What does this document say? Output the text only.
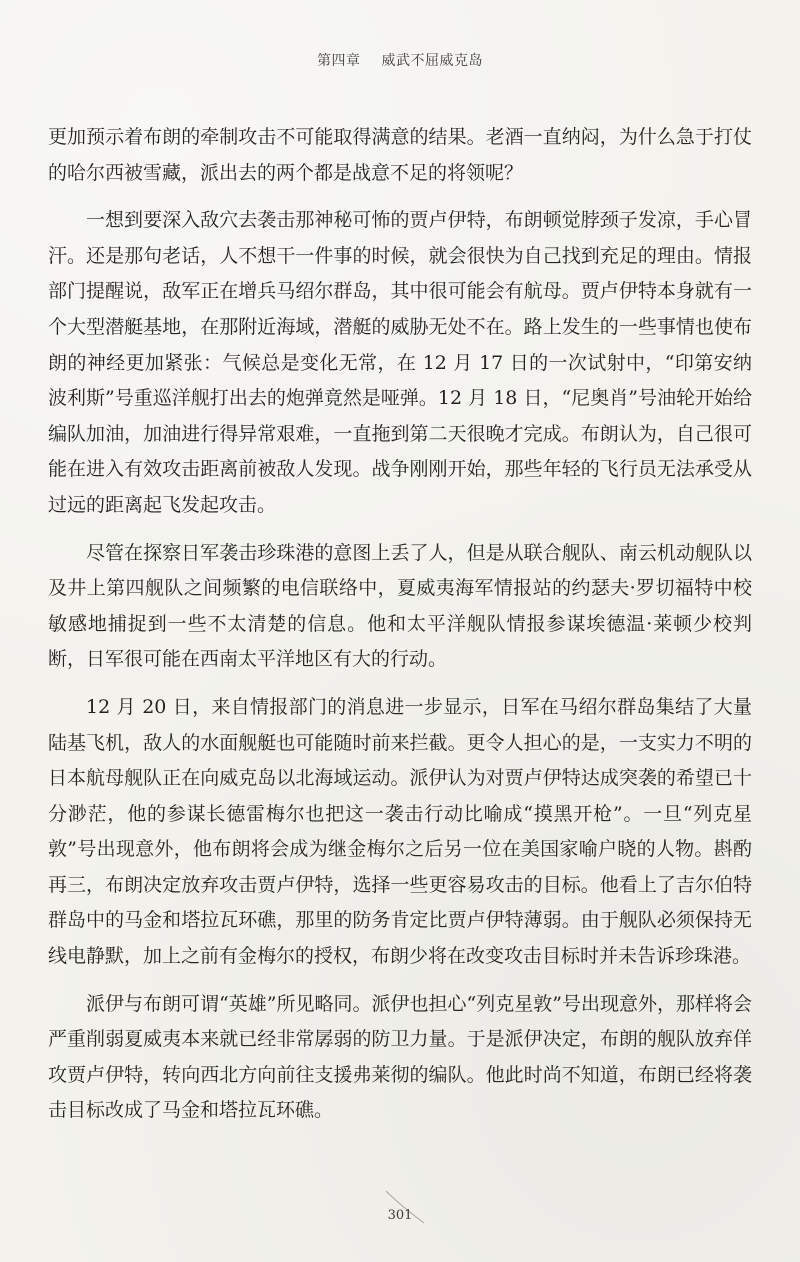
第四章 威武不屈威克岛

更加预示着布朗的牵制攻击不可能取得满意的结果。老酒一直纳闷，为什么急于打仗的哈尔西被雪藏，派出去的两个都是战意不足的将领呢？

一想到要深入敌穴去袭击那神秘可怖的贾卢伊特，布朗顿觉脖颈子发凉，手心冒汗。还是那句老话，人不想干一件事的时候，就会很快为自己找到充足的理由。情报部门提醒说，敌军正在增兵马绍尔群岛，其中很可能会有航母。贾卢伊特本身就有一个大型潜艇基地，在那附近海域，潜艇的威胁无处不在。路上发生的一些事情也使布朗的神经更加紧张：气候总是变化无常，在 12 月 17 日的一次试射中，“印第安纳波利斯”号重巡洋舰打出去的炮弹竟然是哑弹。12 月 18 日，“尼奥肖”号油轮开始给编队加油，加油进行得异常艰难，一直拖到第二天很晚才完成。布朗认为，自己很可能在进入有效攻击距离前被敌人发现。战争刚刚开始，那些年轻的飞行员无法承受从过远的距离起飞发起攻击。

尽管在探察日军袭击珍珠港的意图上丢了人，但是从联合舰队、南云机动舰队以及井上第四舰队之间频繁的电信联络中，夏威夷海军情报站的约瑟夫·罗切福特中校敏感地捕捉到一些不太清楚的信息。他和太平洋舰队情报参谋埃德温·莱顿少校判断，日军很可能在西南太平洋地区有大的行动。

12 月 20 日，来自情报部门的消息进一步显示，日军在马绍尔群岛集结了大量陆基飞机，敌人的水面舰艇也可能随时前来拦截。更令人担心的是，一支实力不明的日本航母舰队正在向威克岛以北海域运动。派伊认为对贾卢伊特达成突袭的希望已十分渺茫，他的参谋长德雷梅尔也把这一袭击行动比喻成“摸黑开枪”。一旦“列克星敦”号出现意外，他布朗将会成为继金梅尔之后另一位在美国家喻户晓的人物。斟酌再三，布朗决定放弃攻击贾卢伊特，选择一些更容易攻击的目标。他看上了吉尔伯特群岛中的马金和塔拉瓦环礁，那里的防务肯定比贾卢伊特薄弱。由于舰队必须保持无线电静默，加上之前有金梅尔的授权，布朗少将在改变攻击目标时并未告诉珍珠港。

派伊与布朗可谓“英雄”所见略同。派伊也担心“列克星敦”号出现意外，那样将会严重削弱夏威夷本来就已经非常孱弱的防卫力量。于是派伊决定，布朗的舰队放弃佯攻贾卢伊特，转向西北方向前往支援弗莱彻的编队。他此时尚不知道，布朗已经将袭击目标改成了马金和塔拉瓦环礁。

301
